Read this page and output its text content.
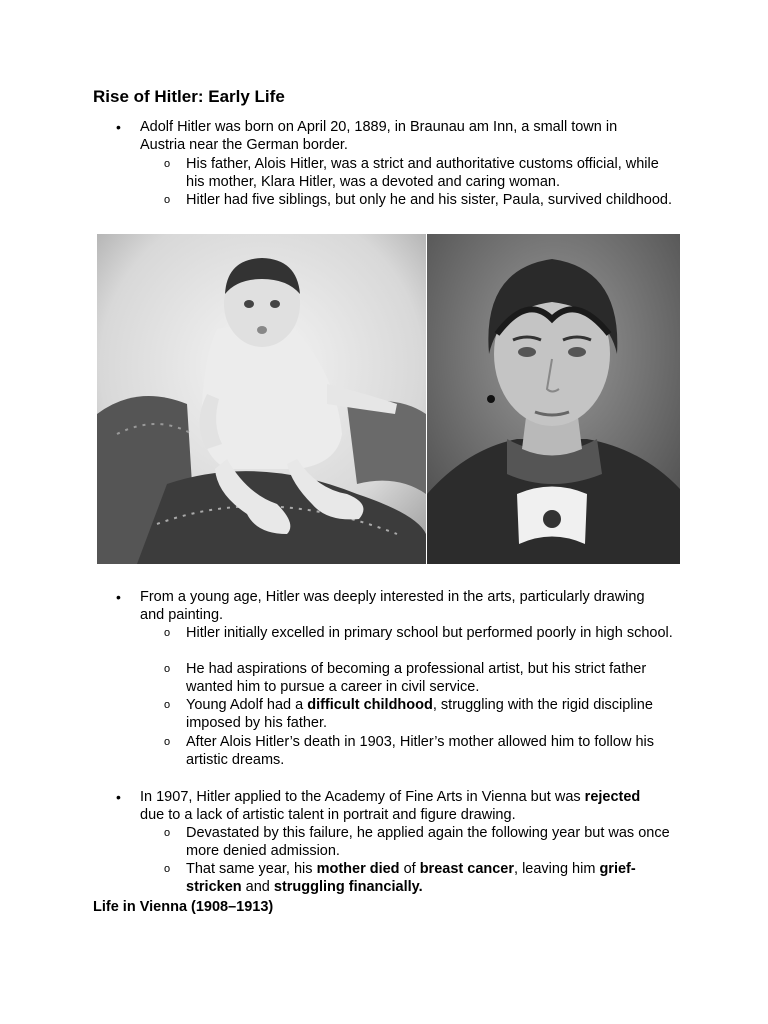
Rise of Hitler: Early Life
• Adolf Hitler was born on April 20, 1889, in Braunau am Inn, a small town in Austria near the German border.
o His father, Alois Hitler, was a strict and authoritative customs official, while his mother, Klara Hitler, was a devoted and caring woman.
o Hitler had five siblings, but only he and his sister, Paula, survived childhood.
• From a young age, Hitler was deeply interested in the arts, particularly drawing and painting.
o Hitler initially excelled in primary school but performed poorly in high school.
o He had aspirations of becoming a professional artist, but his strict father wanted him to pursue a career in civil service.
o Young Adolf had a difficult childhood, struggling with the rigid discipline imposed by his father.
o After Alois Hitler’s death in 1903, Hitler’s mother allowed him to follow his artistic dreams.
• In 1907, Hitler applied to the Academy of Fine Arts in Vienna but was rejected due to a lack of artistic talent in portrait and figure drawing.
o Devastated by this failure, he applied again the following year but was once more denied admission.
o That same year, his mother died of breast cancer, leaving him grief-stricken and struggling financially.
Life in Vienna (1908–1913)
